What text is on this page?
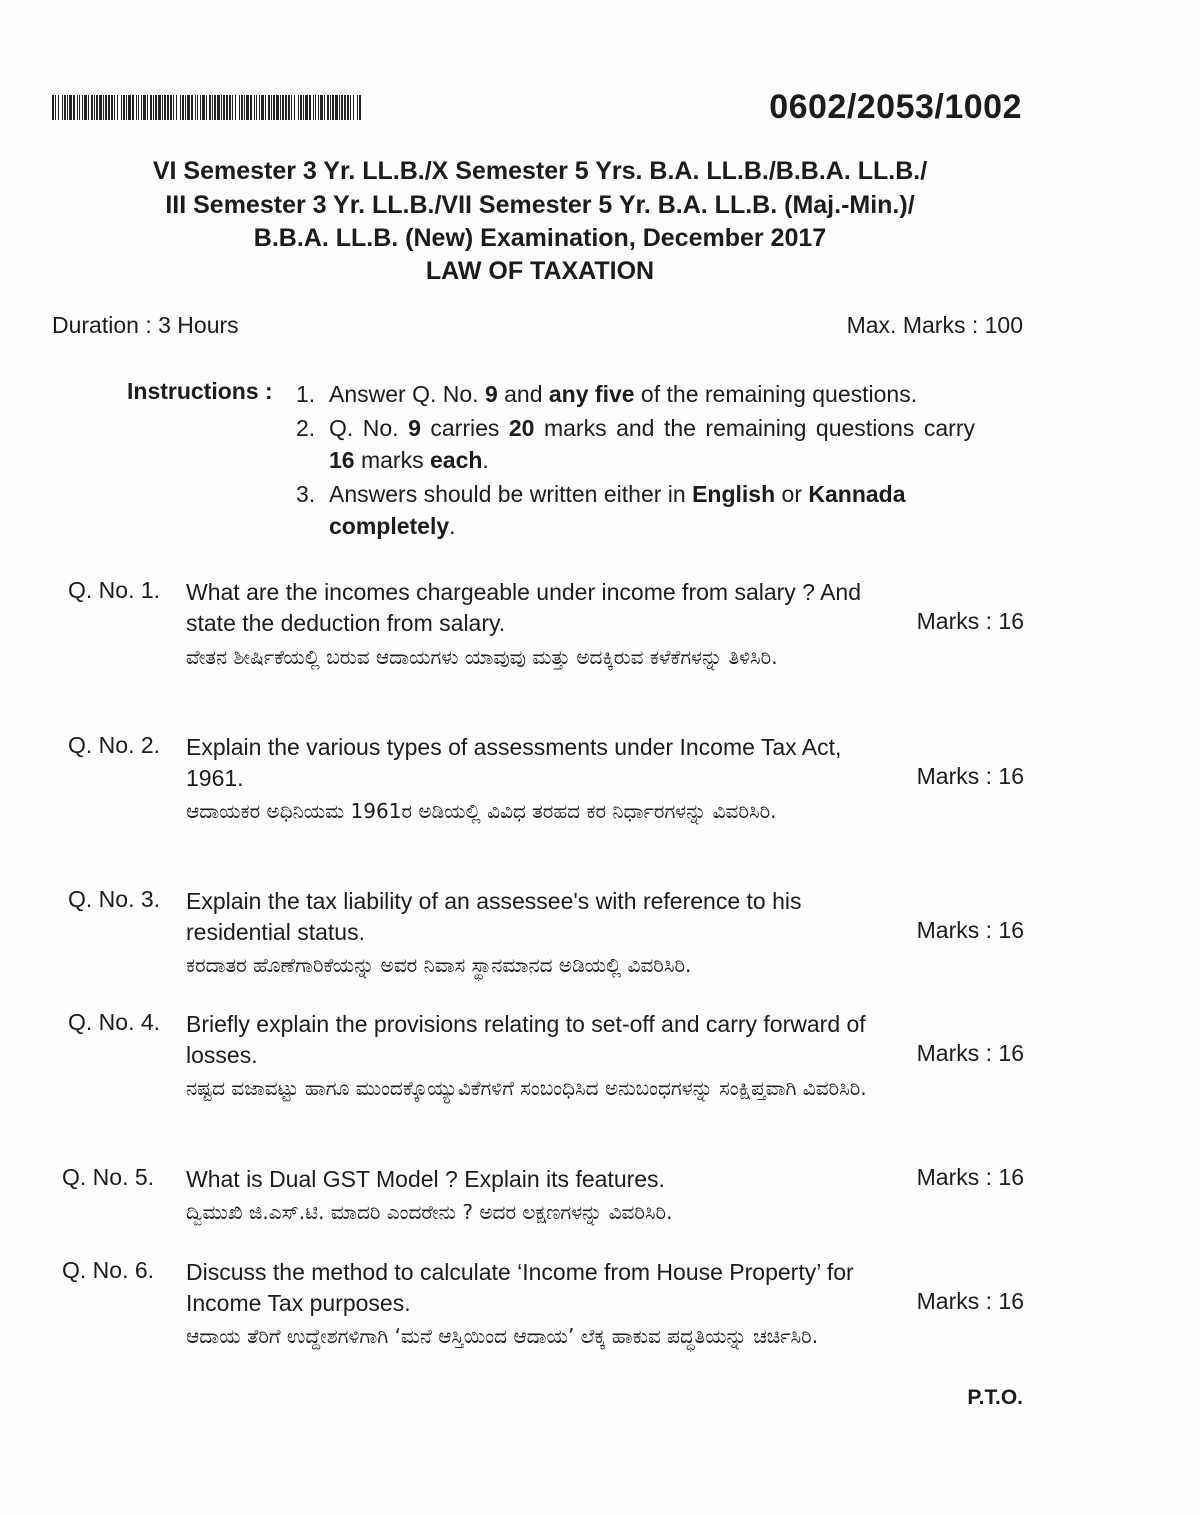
0602/2053/1002
VI Semester 3 Yr. LL.B./X Semester 5 Yrs. B.A. LL.B./B.B.A. LL.B./
III Semester 3 Yr. LL.B./VII Semester 5 Yr. B.A. LL.B. (Maj.-Min.)/
B.B.A. LL.B. (New) Examination, December 2017
LAW OF TAXATION
Duration : 3 Hours	Max. Marks : 100
Instructions : 1. Answer Q. No. 9 and any five of the remaining questions.
2. Q. No. 9 carries 20 marks and the remaining questions carry 16 marks each.
3. Answers should be written either in English or Kannada completely.
Q. No. 1. What are the incomes chargeable under income from salary ? And state the deduction from salary.
ವೇತನ ಶೀರ್ಷಿಕೆಯಲ್ಲಿ ಬರುವ ಆದಾಯಗಳು ಯಾವುವು ಮತ್ತು ಅದಕ್ಕಿರುವ ಕಳೆಕೆಗಳನ್ನು ತಿಳಿಸಿರಿ.
Marks : 16
Q. No. 2. Explain the various types of assessments under Income Tax Act, 1961.
ಆದಾಯಕರ ಅಧಿನಿಯಮ 1961ರ ಅಡಿಯಲ್ಲಿ ವಿವಿಧ ತರಹದ ಕರ ನಿರ್ಧಾರಗಳನ್ನು ವಿವರಿಸಿರಿ.
Marks : 16
Q. No. 3. Explain the tax liability of an assessee's with reference to his residential status.
ಕರದಾತರ ಹೊಣೆಗಾರಿಕೆಯನ್ನು ಅವರ ನಿವಾಸ ಸ್ಥಾನಮಾನದ ಅಡಿಯಲ್ಲಿ ವಿವರಿಸಿರಿ.
Marks : 16
Q. No. 4. Briefly explain the provisions relating to set-off and carry forward of losses.
ನಷ್ಟದ ವಜಾವಟ್ಟು ಹಾಗೂ ಮುಂದಕ್ಕೊಯ್ಯುವಿಕೆಗಳಿಗೆ ಸಂಬಂಧಿಸಿದ ಅನುಬಂಧಗಳನ್ನು ಸಂಕ್ಷಿಪ್ತವಾಗಿ ವಿವರಿಸಿರಿ.
Marks : 16
Q. No. 5. What is Dual GST Model ? Explain its features.
ದ್ವಿಮುಖಿ ಜಿ.ಎಸ್.ಟಿ. ಮಾದರಿ ಎಂದರೇನು ? ಅದರ ಲಕ್ಷಣಗಳನ್ನು ವಿವರಿಸಿರಿ.
Marks : 16
Q. No. 6. Discuss the method to calculate ‘Income from House Property’ for Income Tax purposes.
ಆದಾಯ ತೆರಿಗೆ ಉದ್ದೇಶಗಳಿಗಾಗಿ ‘ಮನೆ ಆಸ್ತಿಯಿಂದ ಆದಾಯ’ ಲೆಕ್ಕ ಹಾಕುವ ಪದ್ಧತಿಯನ್ನು ಚರ್ಚಿಸಿರಿ.
Marks : 16
P.T.O.
